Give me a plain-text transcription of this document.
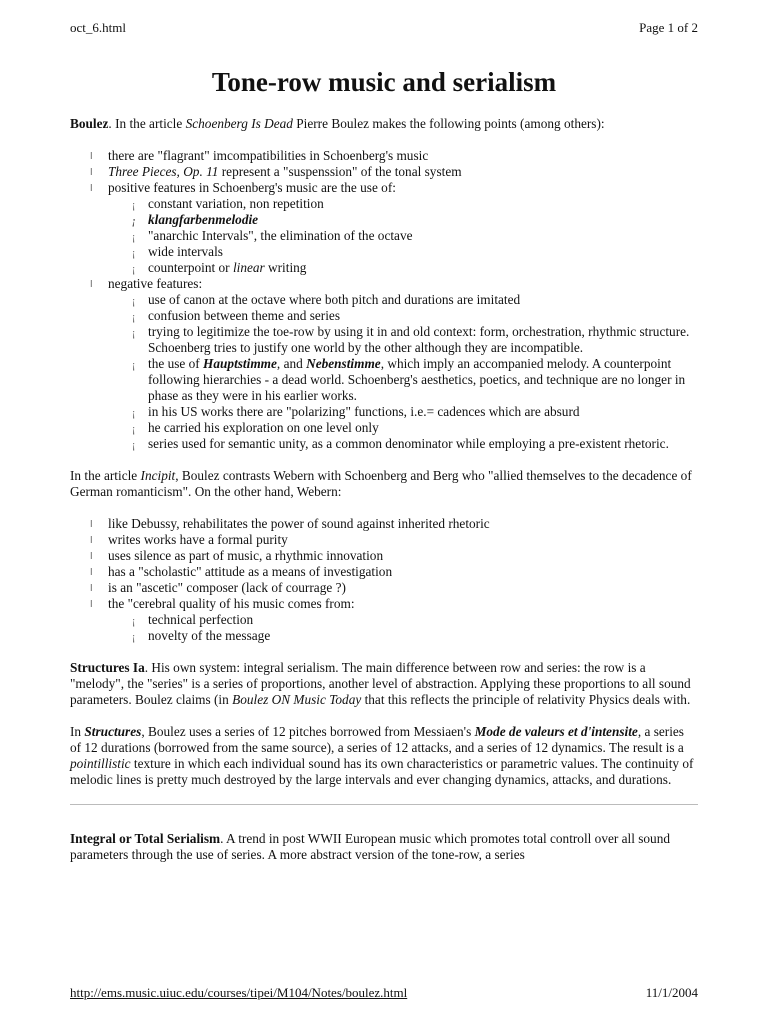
oct_6.html	Page 1 of 2
Tone-row music and serialism

Boulez. In the article Schoenberg Is Dead Pierre Boulez makes the following points (among others):

l there are "flagrant" imcompatibilities in Schoenberg's music
l Three Pieces, Op. 11 represent a "suspenssion" of the tonal system
l positive features in Schoenberg's music are the use of:
¡ constant variation, non repetition
¡ klangfarbenmelodie
¡ "anarchic Intervals", the elimination of the octave
¡ wide intervals
¡ counterpoint or linear writing
l negative features:
¡ use of canon at the octave where both pitch and durations are imitated
¡ confusion between theme and series
¡ trying to legitimize the toe-row by using it in and old context: form, orchestration, rhythmic structure. Schoenberg tries to justify one world by the other although they are incompatible.
¡ the use of Hauptstimme, and Nebenstimme, which imply an accompanied melody. A counterpoint following hierarchies - a dead world. Schoenberg's aesthetics, poetics, and technique are no longer in phase as they were in his earlier works.
¡ in his US works there are "polarizing" functions, i.e.= cadences which are absurd
¡ he carried his exploration on one level only
¡ series used for semantic unity, as a common denominator while employing a pre-existent rhetoric.

In the article Incipit, Boulez contrasts Webern with Schoenberg and Berg who "allied themselves to the decadence of German romanticism". On the other hand, Webern:

l like Debussy, rehabilitates the power of sound against inherited rhetoric
l writes works have a formal purity
l uses silence as part of music, a rhythmic innovation
l has a "scholastic" attitude as a means of investigation
l is an "ascetic" composer (lack of courrage ?)
l the "cerebral quality of his music comes from:
¡ technical perfection
¡ novelty of the message

Structures Ia. His own system: integral serialism. The main difference between row and series: the row is a "melody", the "series" is a series of proportions, another level of abstraction. Applying these proportions to all sound parameters. Boulez claims (in Boulez ON Music Today that this reflects the principle of relativity Physics deals with.

In Structures, Boulez uses a series of 12 pitches borrowed from Messiaen's Mode de valeurs et d'intensite, a series of 12 durations (borrowed from the same source), a series of 12 attacks, and a series of 12 dynamics. The result is a pointillistic texture in which each individual sound has its own characteristics or parametric values. The continuity of melodic lines is pretty much destroyed by the large intervals and ever changing dynamics, attacks, and durations.

Integral or Total Serialism. A trend in post WWII European music which promotes total controll over all sound parameters through the use of series. A more abstract version of the tone-row, a series

http://ems.music.uiuc.edu/courses/tipei/M104/Notes/boulez.html	11/1/2004
